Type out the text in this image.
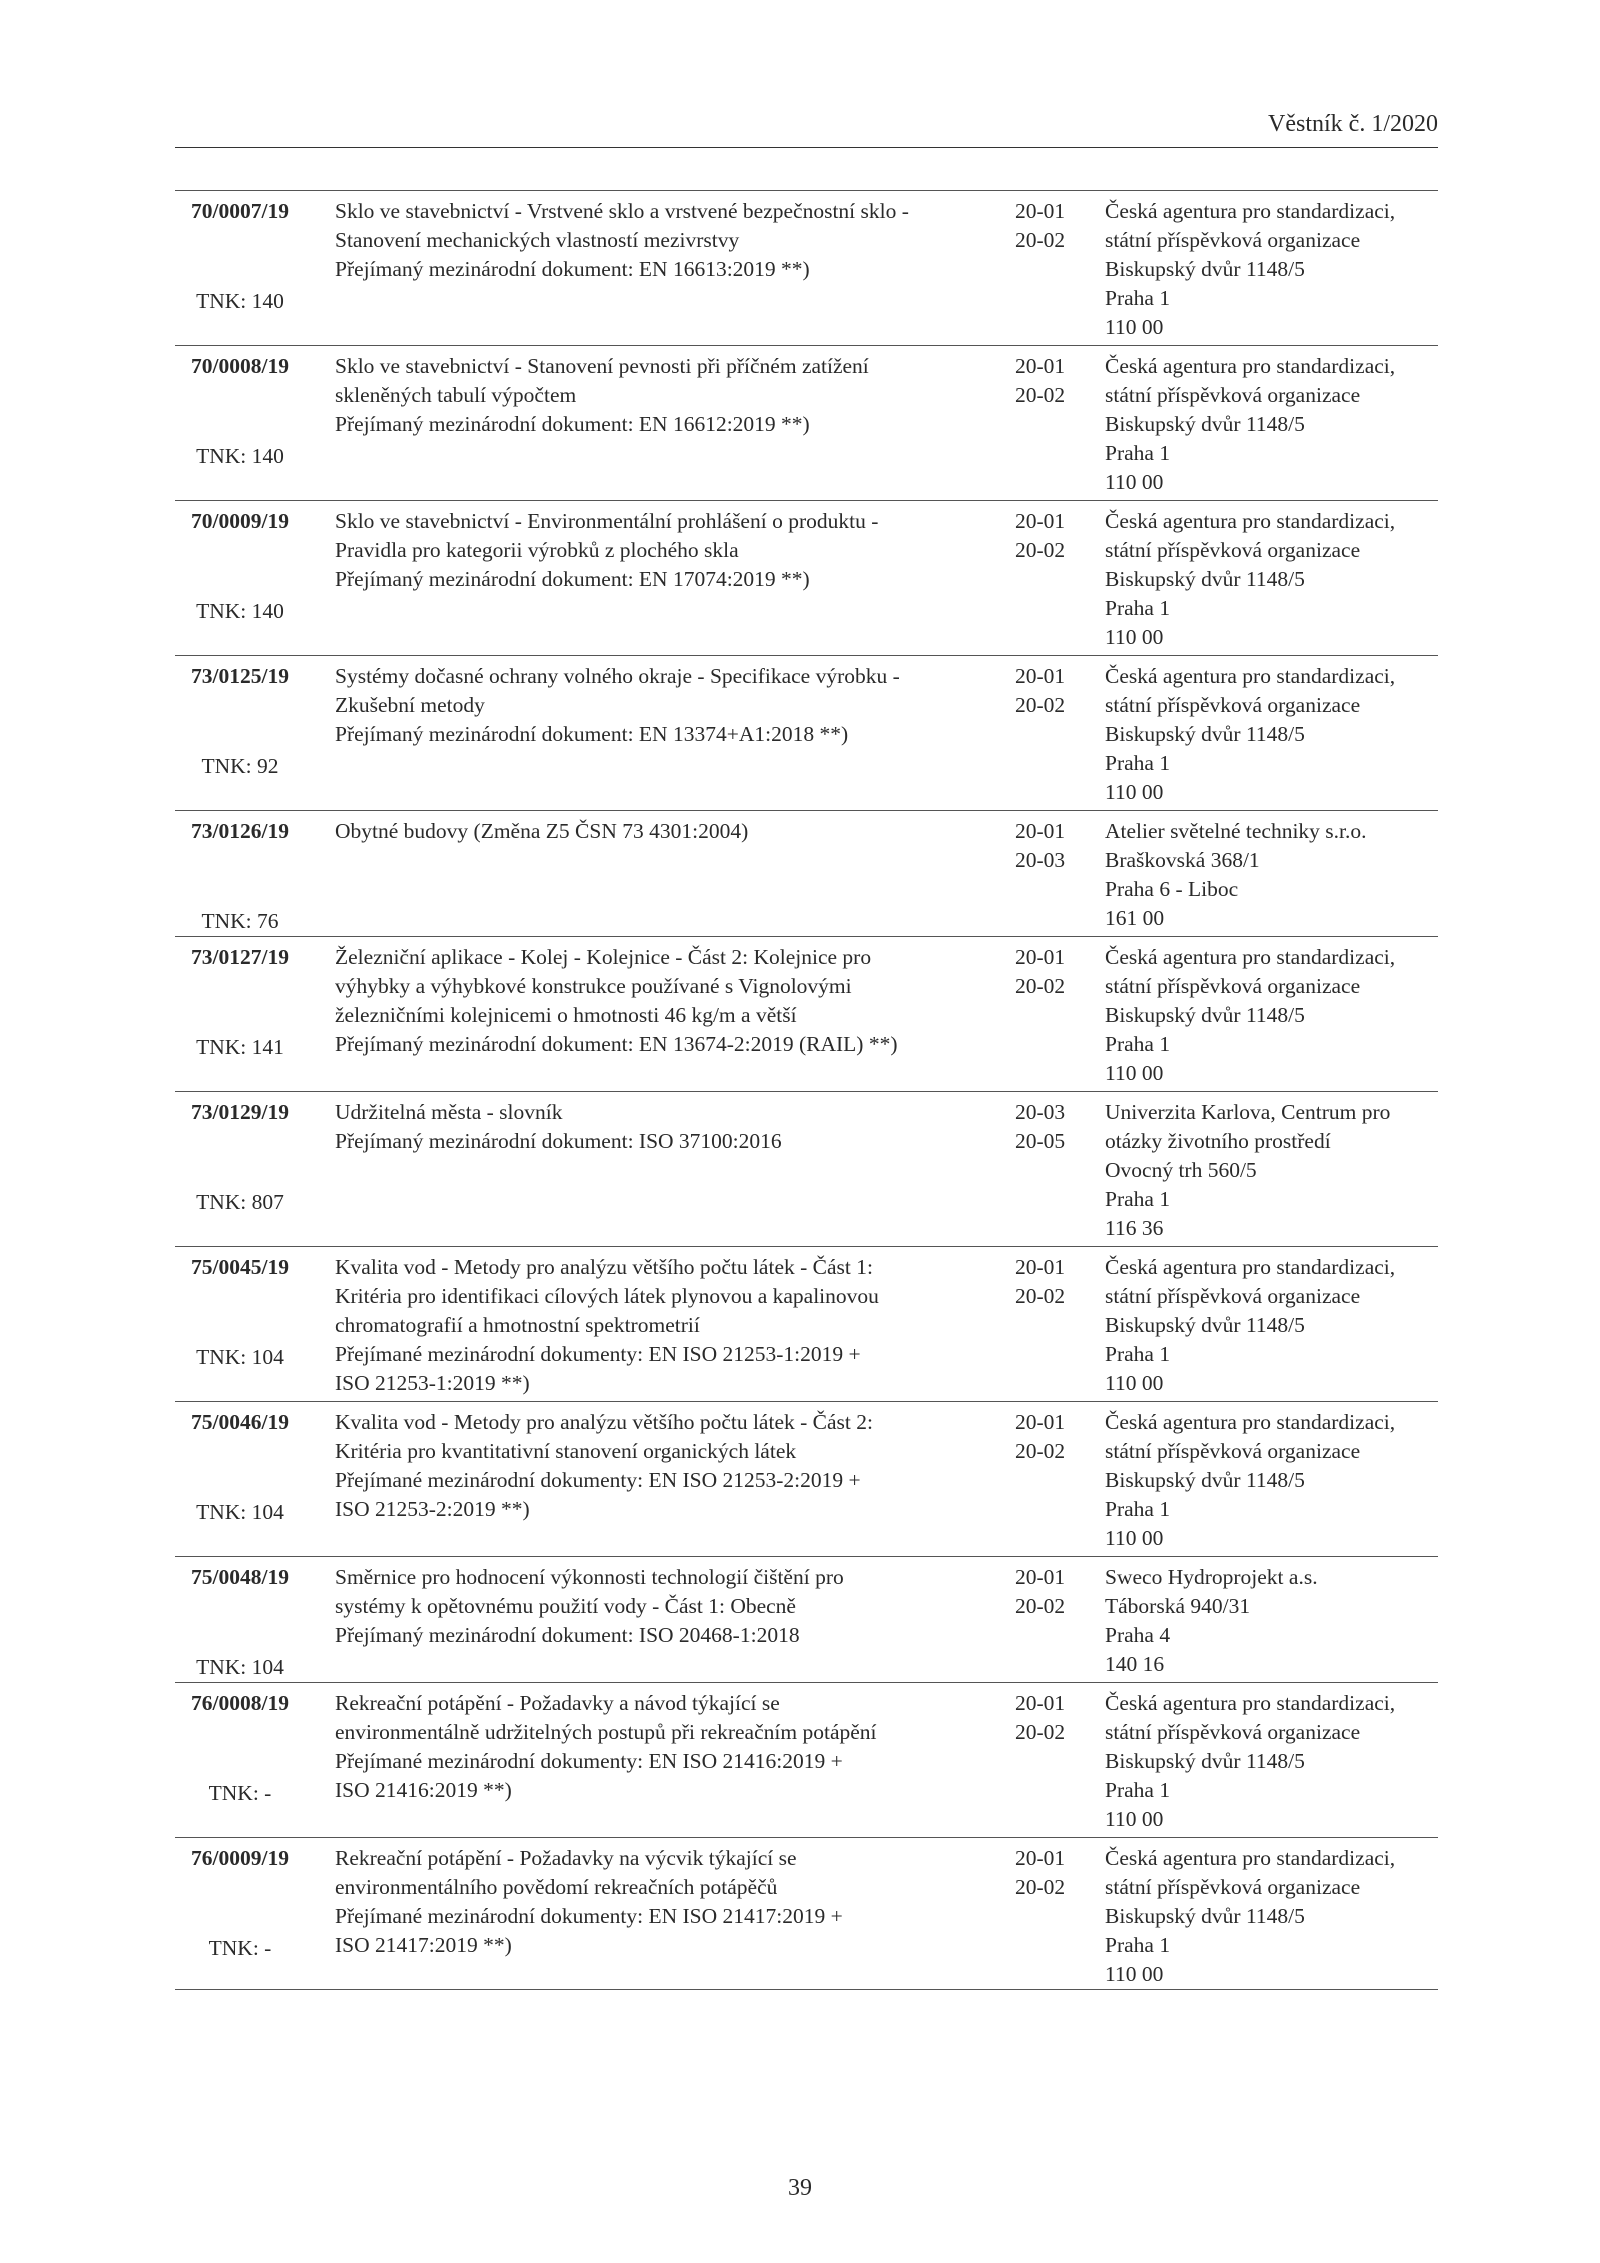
Věstník č. 1/2020
70/0007/19
TNK: 140
Sklo ve stavebnictví - Vrstvené sklo a vrstvené bezpečnostní sklo -
Stanovení mechanických vlastností mezivrstvy
Přejímaný mezinárodní dokument: EN 16613:2019 **)
20-01
20-02
Česká agentura pro standardizaci,
státní příspěvková organizace
Biskupský dvůr 1148/5
Praha 1
110 00
70/0008/19
TNK: 140
Sklo ve stavebnictví - Stanovení pevnosti při příčném zatížení
skleněných tabulí výpočtem
Přejímaný mezinárodní dokument: EN 16612:2019 **)
20-01
20-02
Česká agentura pro standardizaci,
státní příspěvková organizace
Biskupský dvůr 1148/5
Praha 1
110 00
70/0009/19
TNK: 140
Sklo ve stavebnictví - Environmentální prohlášení o produktu -
Pravidla pro kategorii výrobků z plochého skla
Přejímaný mezinárodní dokument: EN 17074:2019 **)
20-01
20-02
Česká agentura pro standardizaci,
státní příspěvková organizace
Biskupský dvůr 1148/5
Praha 1
110 00
73/0125/19
TNK: 92
Systémy dočasné ochrany volného okraje - Specifikace výrobku -
Zkušební metody
Přejímaný mezinárodní dokument: EN 13374+A1:2018 **)
20-01
20-02
Česká agentura pro standardizaci,
státní příspěvková organizace
Biskupský dvůr 1148/5
Praha 1
110 00
73/0126/19
TNK: 76
Obytné budovy (Změna Z5 ČSN 73 4301:2004)	20-01
20-03
Atelier světelné techniky s.r.o.
Braškovská 368/1
Praha 6 - Liboc
161 00
73/0127/19
TNK: 141
Železniční aplikace - Kolej - Kolejnice - Část 2: Kolejnice pro
výhybky a výhybkové konstrukce používané s Vignolovými
železničními kolejnicemi o hmotnosti 46 kg/m a větší
Přejímaný mezinárodní dokument: EN 13674-2:2019 (RAIL) **)
20-01
20-02
Česká agentura pro standardizaci,
státní příspěvková organizace
Biskupský dvůr 1148/5
Praha 1
110 00
73/0129/19
TNK: 807
Udržitelná města - slovník
Přejímaný mezinárodní dokument: ISO 37100:2016
20-03
20-05
Univerzita Karlova, Centrum pro
otázky životního prostředí
Ovocný trh 560/5
Praha 1
116 36
75/0045/19
TNK: 104
Kvalita vod - Metody pro analýzu většího počtu látek - Část 1:
Kritéria pro identifikaci cílových látek plynovou a kapalinovou
chromatografií a hmotnostní spektrometrií
Přejímané mezinárodní dokumenty: EN ISO 21253-1:2019 +
ISO 21253-1:2019 **)
20-01
20-02
Česká agentura pro standardizaci,
státní příspěvková organizace
Biskupský dvůr 1148/5
Praha 1
110 00
75/0046/19
TNK: 104
Kvalita vod - Metody pro analýzu většího počtu látek - Část 2:
Kritéria pro kvantitativní stanovení organických látek
Přejímané mezinárodní dokumenty: EN ISO 21253-2:2019 +
ISO 21253-2:2019 **)
20-01
20-02
Česká agentura pro standardizaci,
státní příspěvková organizace
Biskupský dvůr 1148/5
Praha 1
110 00
75/0048/19
TNK: 104
Směrnice pro hodnocení výkonnosti technologií čištění pro
systémy k opětovnému použití vody - Část 1: Obecně
Přejímaný mezinárodní dokument: ISO 20468-1:2018
20-01
20-02
Sweco Hydroprojekt a.s.
Táborská 940/31
Praha 4
140 16
76/0008/19
TNK: -
Rekreační potápění - Požadavky a návod týkající se
environmentálně udržitelných postupů při rekreačním potápění
Přejímané mezinárodní dokumenty: EN ISO 21416:2019 +
ISO 21416:2019 **)
20-01
20-02
Česká agentura pro standardizaci,
státní příspěvková organizace
Biskupský dvůr 1148/5
Praha 1
110 00
76/0009/19
TNK: -
Rekreační potápění - Požadavky na výcvik týkající se
environmentálního povědomí rekreačních potápěčů
Přejímané mezinárodní dokumenty: EN ISO 21417:2019 +
ISO 21417:2019 **)
20-01
20-02
Česká agentura pro standardizaci,
státní příspěvková organizace
Biskupský dvůr 1148/5
Praha 1
110 00
39
